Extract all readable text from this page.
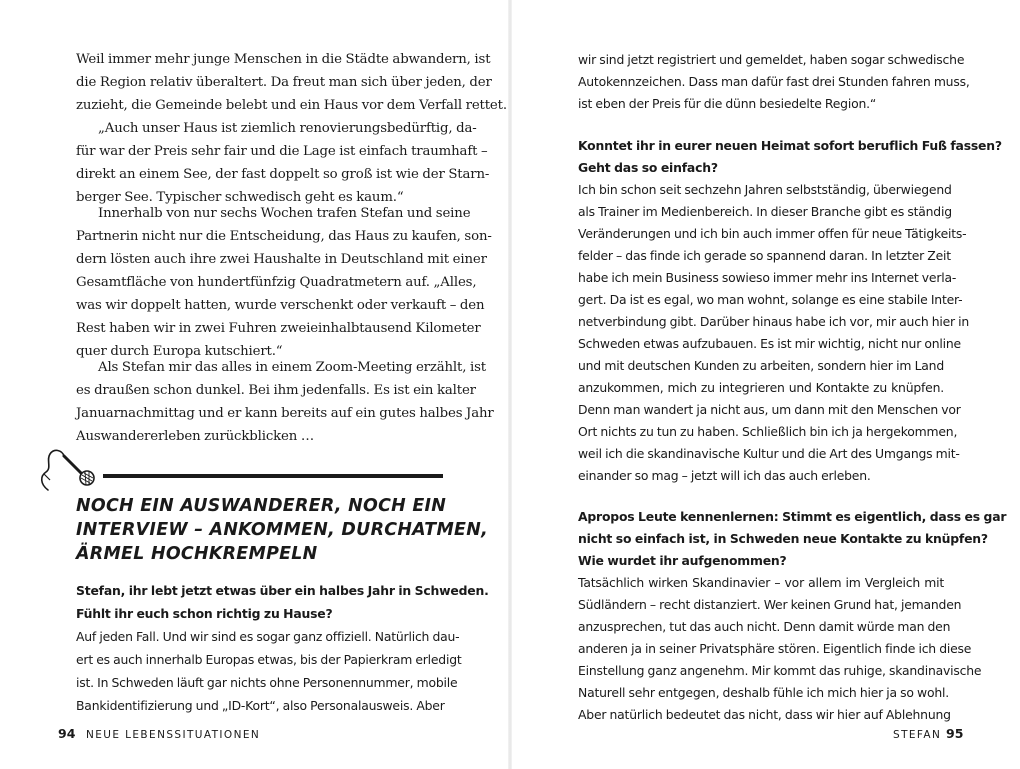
Weil immer mehr junge Menschen in die Städte abwandern, ist
die Region relativ überaltert. Da freut man sich über jeden, der
zuzieht, die Gemeinde belebt und ein Haus vor dem Verfall rettet.
„Auch unser Haus ist ziemlich renovierungsbedürftig, da-
für war der Preis sehr fair und die Lage ist einfach traumhaft –
direkt an einem See, der fast doppelt so groß ist wie der Starn-
berger See. Typischer schwedisch geht es kaum.“
Innerhalb von nur sechs Wochen trafen Stefan und seine
Partnerin nicht nur die Entscheidung, das Haus zu kaufen, son-
dern lösten auch ihre zwei Haushalte in Deutschland mit einer
Gesamtfläche von hundertfünfzig Quadratmetern auf. „Alles,
was wir doppelt hatten, wurde verschenkt oder verkauft – den
Rest haben wir in zwei Fuhren zweieinhalbtausend Kilometer
quer durch Europa kutschiert.“
Als Stefan mir das alles in einem Zoom-Meeting erzählt, ist
es draußen schon dunkel. Bei ihm jedenfalls. Es ist ein kalter
Januarnachmittag und er kann bereits auf ein gutes halbes Jahr
Auswandererleben zurückblicken …
NOCH EIN AUSWANDERER, NOCH EIN
INTERVIEW – ANKOMMEN, DURCHATMEN,
ÄRMEL HOCHKREMPELN
Stefan, ihr lebt jetzt etwas über ein halbes Jahr in Schweden.
Fühlt ihr euch schon richtig zu Hause?
Auf jeden Fall. Und wir sind es sogar ganz offiziell. Natürlich dau-
ert es auch innerhalb Europas etwas, bis der Papierkram erledigt
ist. In Schweden läuft gar nichts ohne Personennummer, mobile
Bankidentifizierung und „ID-Kort“, also Personalausweis. Aber
94 NEUE LEBENSSITUATIONEN
wir sind jetzt registriert und gemeldet, haben sogar schwedische
Autokennzeichen. Dass man dafür fast drei Stunden fahren muss,
ist eben der Preis für die dünn besiedelte Region.“
Konntet ihr in eurer neuen Heimat sofort beruflich Fuß fassen?
Geht das so einfach?
Ich bin schon seit sechzehn Jahren selbstständig, überwiegend
als Trainer im Medienbereich. In dieser Branche gibt es ständig
Veränderungen und ich bin auch immer offen für neue Tätigkeits-
felder – das finde ich gerade so spannend daran. In letzter Zeit
habe ich mein Business sowieso immer mehr ins Internet verla-
gert. Da ist es egal, wo man wohnt, solange es eine stabile Inter-
netverbindung gibt. Darüber hinaus habe ich vor, mir auch hier in
Schweden etwas aufzubauen. Es ist mir wichtig, nicht nur online
und mit deutschen Kunden zu arbeiten, sondern hier im Land
anzukommen, mich zu integrieren und Kontakte zu knüpfen.
Denn man wandert ja nicht aus, um dann mit den Menschen vor
Ort nichts zu tun zu haben. Schließlich bin ich ja hergekommen,
weil ich die skandinavische Kultur und die Art des Umgangs mit-
einander so mag – jetzt will ich das auch erleben.
Apropos Leute kennenlernen: Stimmt es eigentlich, dass es gar
nicht so einfach ist, in Schweden neue Kontakte zu knüpfen?
Wie wurdet ihr aufgenommen?
Tatsächlich wirken Skandinavier – vor allem im Vergleich mit
Südländern – recht distanziert. Wer keinen Grund hat, jemanden
anzusprechen, tut das auch nicht. Denn damit würde man den
anderen ja in seiner Privatsphäre stören. Eigentlich finde ich diese
Einstellung ganz angenehm. Mir kommt das ruhige, skandinavische
Naturell sehr entgegen, deshalb fühle ich mich hier ja so wohl.
Aber natürlich bedeutet das nicht, dass wir hier auf Ablehnung
STEFAN 95
